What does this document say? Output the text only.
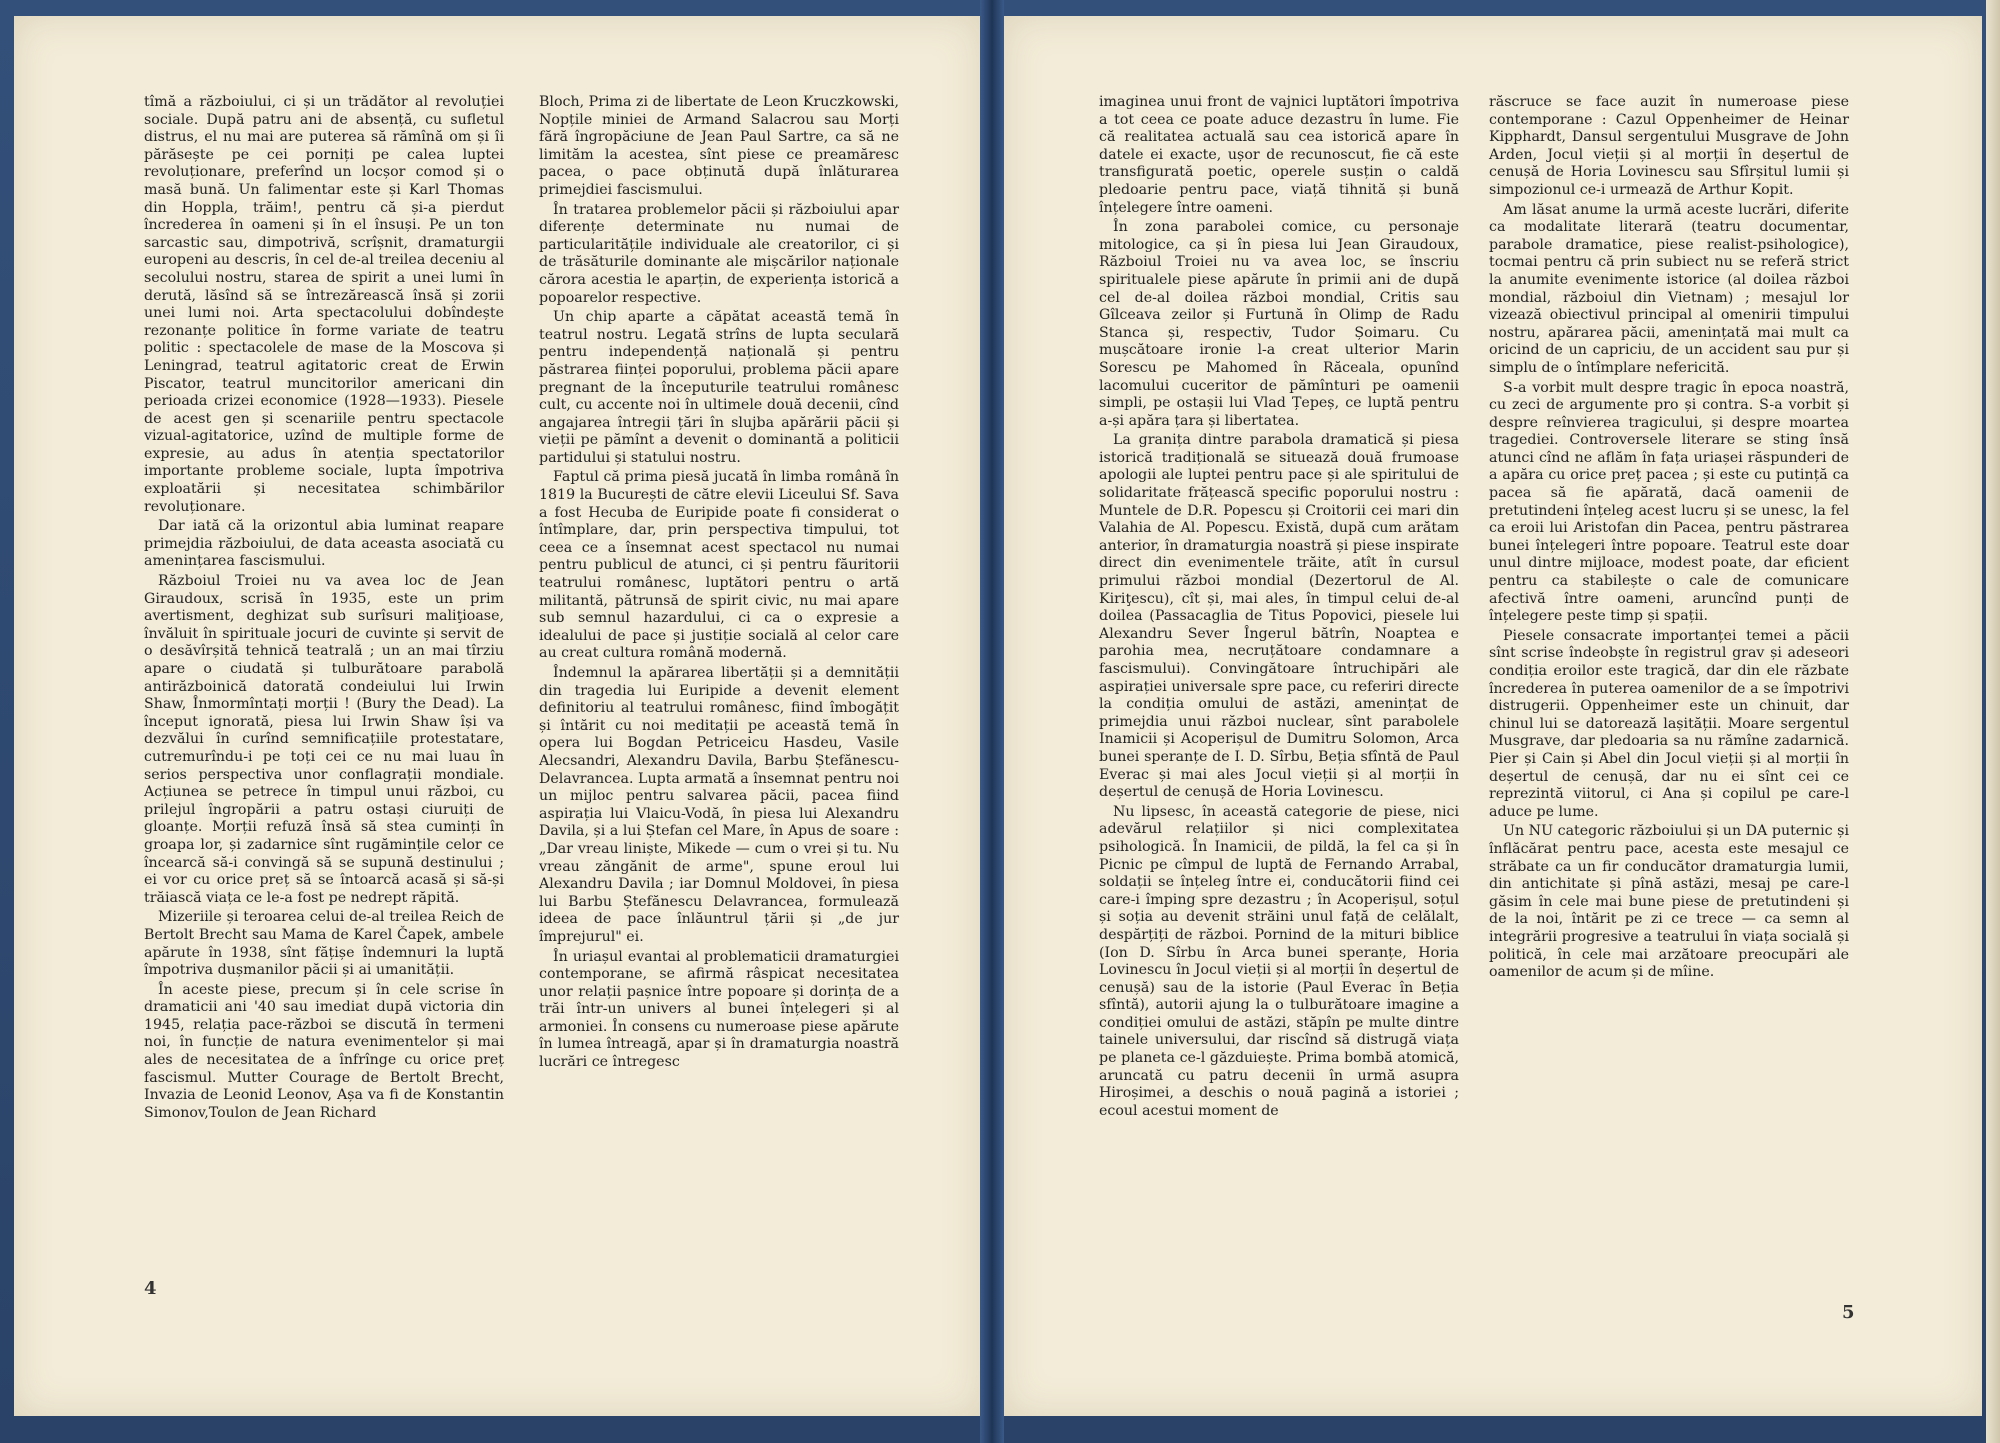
tîmă a războiului, ci și un trădător al revoluției sociale. După patru ani de absență, cu sufletul distrus, el nu mai are puterea să rămînă om și îi părăsește pe cei porniți pe calea luptei revoluționare, preferînd un locșor comod și o masă bună. Un falimentar este și Karl Thomas din Hoppla, trăim!, pentru că și-a pierdut încrederea în oameni și în el însuși. Pe un ton sarcastic sau, dimpotrivă, scrîșnit, dramaturgii europeni au descris, în cel de-al treilea deceniu al secolului nostru, starea de spirit a unei lumi în derută, lăsînd să se întrezărească însă și zorii unei lumi noi. Arta spectacolului dobîndește rezonanțe politice în forme variate de teatru politic : spectacolele de mase de la Moscova și Leningrad, teatrul agitatoric creat de Erwin Piscator, teatrul muncitorilor americani din perioada crizei economice (1928—1933). Piesele de acest gen și scenariile pentru spectacole vizual-agitatorice, uzînd de multiple forme de expresie, au adus în atenția spectatorilor importante probleme sociale, lupta împotriva exploatării și necesitatea schimbărilor revoluționare.

Dar iată că la orizontul abia luminat reapare primejdia războiului, de data aceasta asociată cu amenințarea fascismului.

Războiul Troiei nu va avea loc de Jean Giraudoux, scrisă în 1935, este un prim avertisment, deghizat sub surîsuri maliţioase, învăluit în spirituale jocuri de cuvinte și servit de o desăvîrșită tehnică teatrală ; un an mai tîrziu apare o ciudată și tulburătoare parabolă antirăzboinică datorată condeiului lui Irwin Shaw, Înmormîntați morții ! (Bury the Dead). La început ignorată, piesa lui Irwin Shaw își va dezvălui în curînd semnificațiile protestatare, cutremurîndu-i pe toți cei ce nu mai luau în serios perspectiva unor conflagrații mondiale. Acțiunea se petrece în timpul unui război, cu prilejul îngropării a patru ostași ciuruiți de gloanțe. Morții refuză însă să stea cuminți în groapa lor, și zadarnice sînt rugămințile celor ce încearcă să-i convingă să se supună destinului ; ei vor cu orice preț să se întoarcă acasă și să-și trăiască viața ce le-a fost pe nedrept răpită.

Mizeriile și teroarea celui de-al treilea Reich de Bertolt Brecht sau Mama de Karel Čapek, ambele apărute în 1938, sînt fățișe îndemnuri la luptă împotriva dușmanilor păcii și ai umanității.

În aceste piese, precum și în cele scrise în dramaticii ani '40 sau imediat după victoria din 1945, relația pace-război se discută în termeni noi, în funcție de natura evenimentelor și mai ales de necesitatea de a înfrînge cu orice preț fascismul. Mutter Courage de Bertolt Brecht, Invazia de Leonid Leonov, Așa va fi de Konstantin Simonov,Toulon de Jean Richard

Bloch, Prima zi de libertate de Leon Kruczkowski, Nopțile miniei de Armand Salacrou sau Morți fără îngropăciune de Jean Paul Sartre, ca să ne limităm la acestea, sînt piese ce preamăresc pacea, o pace obținută după înlăturarea primejdiei fascismului.

În tratarea problemelor păcii și războiului apar diferențe determinate nu numai de particularitățile individuale ale creatorilor, ci și de trăsăturile dominante ale mișcărilor naționale cărora acestia le aparțin, de experiența istorică a popoarelor respective.

Un chip aparte a căpătat această temă în teatrul nostru. Legată strîns de lupta seculară pentru independență națională și pentru păstrarea ființei poporului, problema păcii apare pregnant de la începuturile teatrului românesc cult, cu accente noi în ultimele două decenii, cînd angajarea întregii țări în slujba apărării păcii și vieții pe pămînt a devenit o dominantă a politicii partidului și statului nostru.

Faptul că prima piesă jucată în limba română în 1819 la București de către elevii Liceului Sf. Sava a fost Hecuba de Euripide poate fi considerat o întîmplare, dar, prin perspectiva timpului, tot ceea ce a însemnat acest spectacol nu numai pentru publicul de atunci, ci și pentru făuritorii teatrului românesc, luptători pentru o artă militantă, pătrunsă de spirit civic, nu mai apare sub semnul hazardului, ci ca o expresie a idealului de pace și justiție socială al celor care au creat cultura română modernă.

Îndemnul la apărarea libertății și a demnității din tragedia lui Euripide a devenit element definitoriu al teatrului românesc, fiind îmbogățit și întărit cu noi meditații pe această temă în opera lui Bogdan Petriceicu Hasdeu, Vasile Alecsandri, Alexandru Davila, Barbu Ștefănescu-Delavrancea. Lupta armată a însemnat pentru noi un mijloc pentru salvarea păcii, pacea fiind aspirația lui Vlaicu-Vodă, în piesa lui Alexandru Davila, și a lui Ștefan cel Mare, în Apus de soare : „Dar vreau liniște, Mikede — cum o vrei și tu. Nu vreau zăngănit de arme", spune eroul lui Alexandru Davila ; iar Domnul Moldovei, în piesa lui Barbu Ștefănescu Delavrancea, formulează ideea de pace înlăuntrul țării și „de jur împrejurul" ei.

În uriașul evantai al problematicii dramaturgiei contemporane, se afirmă râspicat necesitatea unor relații pașnice între popoare și dorința de a trăi într-un univers al bunei înțelegeri și al armoniei. În consens cu numeroase piese apărute în lumea întreagă, apar și în dramaturgia noastră lucrări ce întregesc

4

imaginea unui front de vajnici luptători împotriva a tot ceea ce poate aduce dezastru în lume. Fie că realitatea actuală sau cea istorică apare în datele ei exacte, ușor de recunoscut, fie că este transfigurată poetic, operele susțin o caldă pledoarie pentru pace, viață tihnită și bună înțelegere între oameni.

În zona parabolei comice, cu personaje mitologice, ca și în piesa lui Jean Giraudoux, Războiul Troiei nu va avea loc, se înscriu spiritualele piese apărute în primii ani de după cel de-al doilea război mondial, Critis sau Gîlceava zeilor și Furtună în Olimp de Radu Stanca și, respectiv, Tudor Șoimaru. Cu mușcătoare ironie l-a creat ulterior Marin Sorescu pe Mahomed în Răceala, opunînd lacomului cuceritor de pămînturi pe oamenii simpli, pe ostașii lui Vlad Țepeș, ce luptă pentru a-și apăra țara și libertatea.

La granița dintre parabola dramatică și piesa istorică tradițională se situează două frumoase apologii ale luptei pentru pace și ale spiritului de solidaritate frățească specific poporului nostru : Muntele de D.R. Popescu și Croitorii cei mari din Valahia de Al. Popescu. Există, după cum arătam anterior, în dramaturgia noastră și piese inspirate direct din evenimentele trăite, atît în cursul primului război mondial (Dezertorul de Al. Kiriţescu), cît și, mai ales, în timpul celui de-al doilea (Passacaglia de Titus Popovici, piesele lui Alexandru Sever Îngerul bătrîn, Noaptea e parohia mea, necruțătoare condamnare a fascismului). Convingătoare întruchipări ale aspirației universale spre pace, cu referiri directe la condiția omului de astăzi, amenințat de primejdia unui război nuclear, sînt parabolele Inamicii și Acoperișul de Dumitru Solomon, Arca bunei speranțe de I. D. Sîrbu, Beția sfîntă de Paul Everac și mai ales Jocul vieții și al morții în deșertul de cenușă de Horia Lovinescu.

Nu lipsesc, în această categorie de piese, nici adevărul relațiilor și nici complexitatea psihologică. În Inamicii, de pildă, la fel ca și în Picnic pe cîmpul de luptă de Fernando Arrabal, soldații se înțeleg între ei, conducătorii fiind cei care-i împing spre dezastru ; în Acoperișul, soțul și soția au devenit străini unul față de celălalt, despărțiți de război. Pornind de la mituri biblice (Ion D. Sîrbu în Arca bunei speranțe, Horia Lovinescu în Jocul vieții și al morții în deșertul de cenușă) sau de la istorie (Paul Everac în Beția sfîntă), autorii ajung la o tulburătoare imagine a condiției omului de astăzi, stăpîn pe multe dintre tainele universului, dar riscînd să distrugă viața pe planeta ce-l găzduiește. Prima bombă atomică, aruncată cu patru decenii în urmă asupra Hiroșimei, a deschis o nouă pagină a istoriei ; ecoul acestui moment de

răscruce se face auzit în numeroase piese contemporane : Cazul Oppenheimer de Heinar Kipphardt, Dansul sergentului Musgrave de John Arden, Jocul vieții și al morții în deșertul de cenușă de Horia Lovinescu sau Sfîrșitul lumii și simpozionul ce-i urmează de Arthur Kopit.

Am lăsat anume la urmă aceste lucrări, diferite ca modalitate literară (teatru documentar, parabole dramatice, piese realist-psihologice), tocmai pentru că prin subiect nu se referă strict la anumite evenimente istorice (al doilea război mondial, războiul din Vietnam) ; mesajul lor vizează obiectivul principal al omenirii timpului nostru, apărarea păcii, amenințată mai mult ca oricind de un capriciu, de un accident sau pur și simplu de o întîmplare nefericită.

S-a vorbit mult despre tragic în epoca noastră, cu zeci de argumente pro și contra. S-a vorbit și despre reînvierea tragicului, și despre moartea tragediei. Controversele literare se sting însă atunci cînd ne aflăm în fața uriașei răspunderi de a apăra cu orice preț pacea ; și este cu putință ca pacea să fie apărată, dacă oamenii de pretutindeni înțeleg acest lucru și se unesc, la fel ca eroii lui Aristofan din Pacea, pentru păstrarea bunei înțelegeri între popoare. Teatrul este doar unul dintre mijloace, modest poate, dar eficient pentru ca stabilește o cale de comunicare afectivă între oameni, aruncînd punți de înțelegere peste timp și spații.

Piesele consacrate importanței temei a păcii sînt scrise îndeobște în registrul grav și adeseori condiția eroilor este tragică, dar din ele răzbate încrederea în puterea oamenilor de a se împotrivi distrugerii. Oppenheimer este un chinuit, dar chinul lui se datorează lașității. Moare sergentul Musgrave, dar pledoaria sa nu rămîne zadarnică. Pier și Cain și Abel din Jocul vieții și al morții în deșertul de cenușă, dar nu ei sînt cei ce reprezintă viitorul, ci Ana și copilul pe care-l aduce pe lume.

Un NU categoric războiului și un DA puternic și înflăcărat pentru pace, acesta este mesajul ce străbate ca un fir conducător dramaturgia lumii, din antichitate și pînă astăzi, mesaj pe care-l găsim în cele mai bune piese de pretutindeni și de la noi, întărit pe zi ce trece — ca semn al integrării progresive a teatrului în viața socială și politică, în cele mai arzătoare preocupări ale oamenilor de acum și de mîine.

5
